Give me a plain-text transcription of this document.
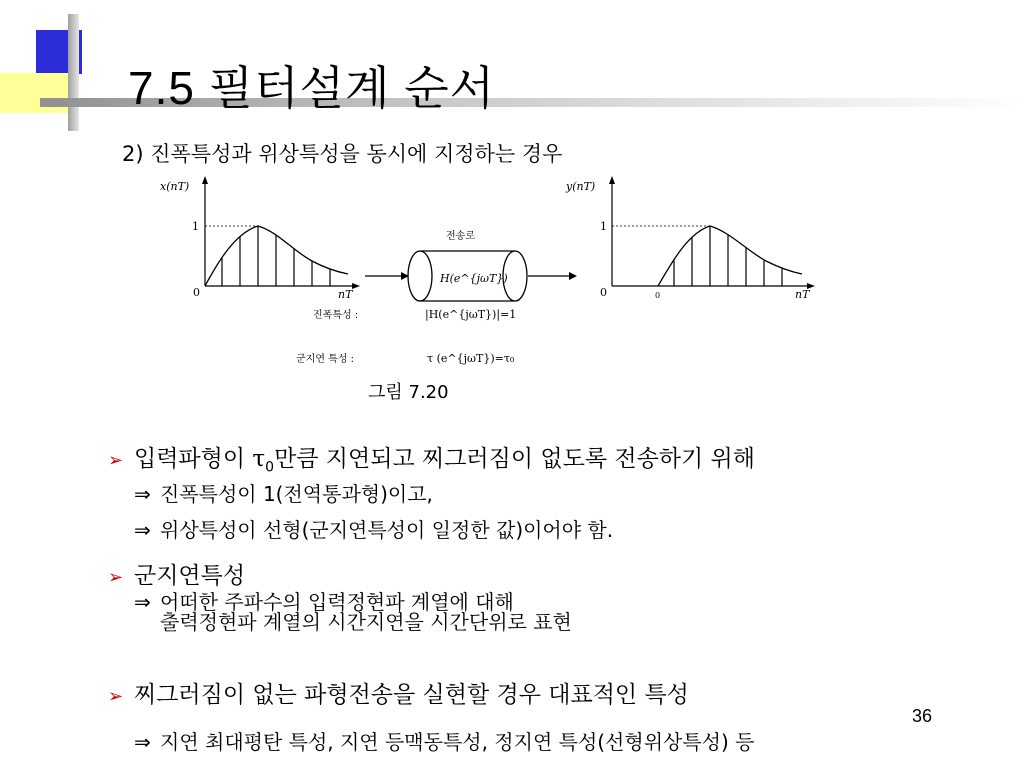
7.5 필터설계 순서
2) 진폭특성과 위상특성을 동시에 지정하는 경우
x(nT)
1
0	nT
전송로
H(e^{jωT})
진폭특성 :	|H(e^{jωT})|=1
군지연 특성 :	τ (e^{jωT})=τ₀
y(nT)
1
0	0	nT
그림 7.20
➢ 입력파형이 $\tau_0$만큼 지연되고 찌그러짐이 없도록 전송하기 위해
⇒ 진폭특성이 1(전역통과형)이고,
⇒ 위상특성이 선형(군지연특성이 일정한 값)이어야 함.
➢ 군지연특성
⇒ 어떠한 주파수의 입력정현파 계열에 대해
출력정현파 계열의 시간지연을 시간단위로 표현
➢ 찌그러짐이 없는 파형전송을 실현할 경우 대표적인 특성
⇒ 지연 최대평탄 특성, 지연 등맥동특성, 정지연 특성(선형위상특성) 등
36
